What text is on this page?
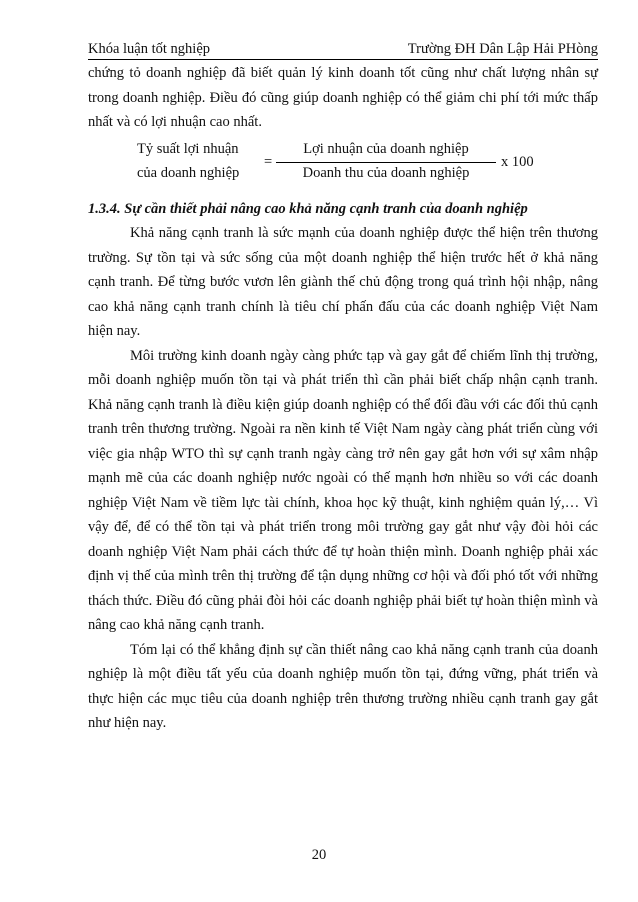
Khóa luận tốt nghiệp	Trường ĐH Dân Lập Hải PHòng

chứng tỏ doanh nghiệp đã biết quản lý kinh doanh tốt cũng như chất lượng nhân sự trong doanh nghiệp. Điều đó cũng giúp doanh nghiệp có thể giảm chi phí tới mức thấp nhất và có lợi nhuận cao nhất.

Tỷ suất lợi nhuận
của doanh nghiệp
=
Lợi nhuận của doanh nghiệp
Doanh thu của doanh nghiệp
x 100

1.3.4. Sự cần thiết phải nâng cao khả năng cạnh tranh của doanh nghiệp

Khả năng cạnh tranh là sức mạnh của doanh nghiệp được thể hiện trên thương trường. Sự tồn tại và sức sống của một doanh nghiệp thể hiện trước hết ở khả năng cạnh tranh. Để từng bước vươn lên giành thế chủ động trong quá trình hội nhập, nâng cao khả năng cạnh tranh chính là tiêu chí phấn đấu của các doanh nghiệp Việt Nam hiện nay.

Môi trường kinh doanh ngày càng phức tạp và gay gắt để chiếm lĩnh thị trường, mỗi doanh nghiệp muốn tồn tại và phát triển thì cần phải biết chấp nhận cạnh tranh. Khả năng cạnh tranh là điều kiện giúp doanh nghiệp có thể đối đầu với các đối thủ cạnh tranh trên thương trường. Ngoài ra nền kinh tế Việt Nam ngày càng phát triển cùng với việc gia nhập WTO thì sự cạnh tranh ngày càng trở nên gay gắt hơn với sự xâm nhập mạnh mẽ của các doanh nghiệp nước ngoài có thế mạnh hơn nhiều so với các doanh nghiệp Việt Nam về tiềm lực tài chính, khoa học kỹ thuật, kinh nghiệm quản lý,… Vì vậy để, để có thể tồn tại và phát triển trong môi trường gay gắt như vậy đòi hỏi các doanh nghiệp Việt Nam phải cách thức để tự hoàn thiện mình. Doanh nghiệp phải xác định vị thế của mình trên thị trường để tận dụng những cơ hội và đối phó tốt với những thách thức. Điều đó cũng phải đòi hỏi các doanh nghiệp phải biết tự hoàn thiện mình và nâng cao khả năng cạnh tranh.

Tóm lại có thể khẳng định sự cần thiết nâng cao khả năng cạnh tranh của doanh nghiệp là một điều tất yếu của doanh nghiệp muốn tồn tại, đứng vững, phát triển và thực hiện các mục tiêu của doanh nghiệp trên thương trường nhiều cạnh tranh gay gắt như hiện nay.

20
